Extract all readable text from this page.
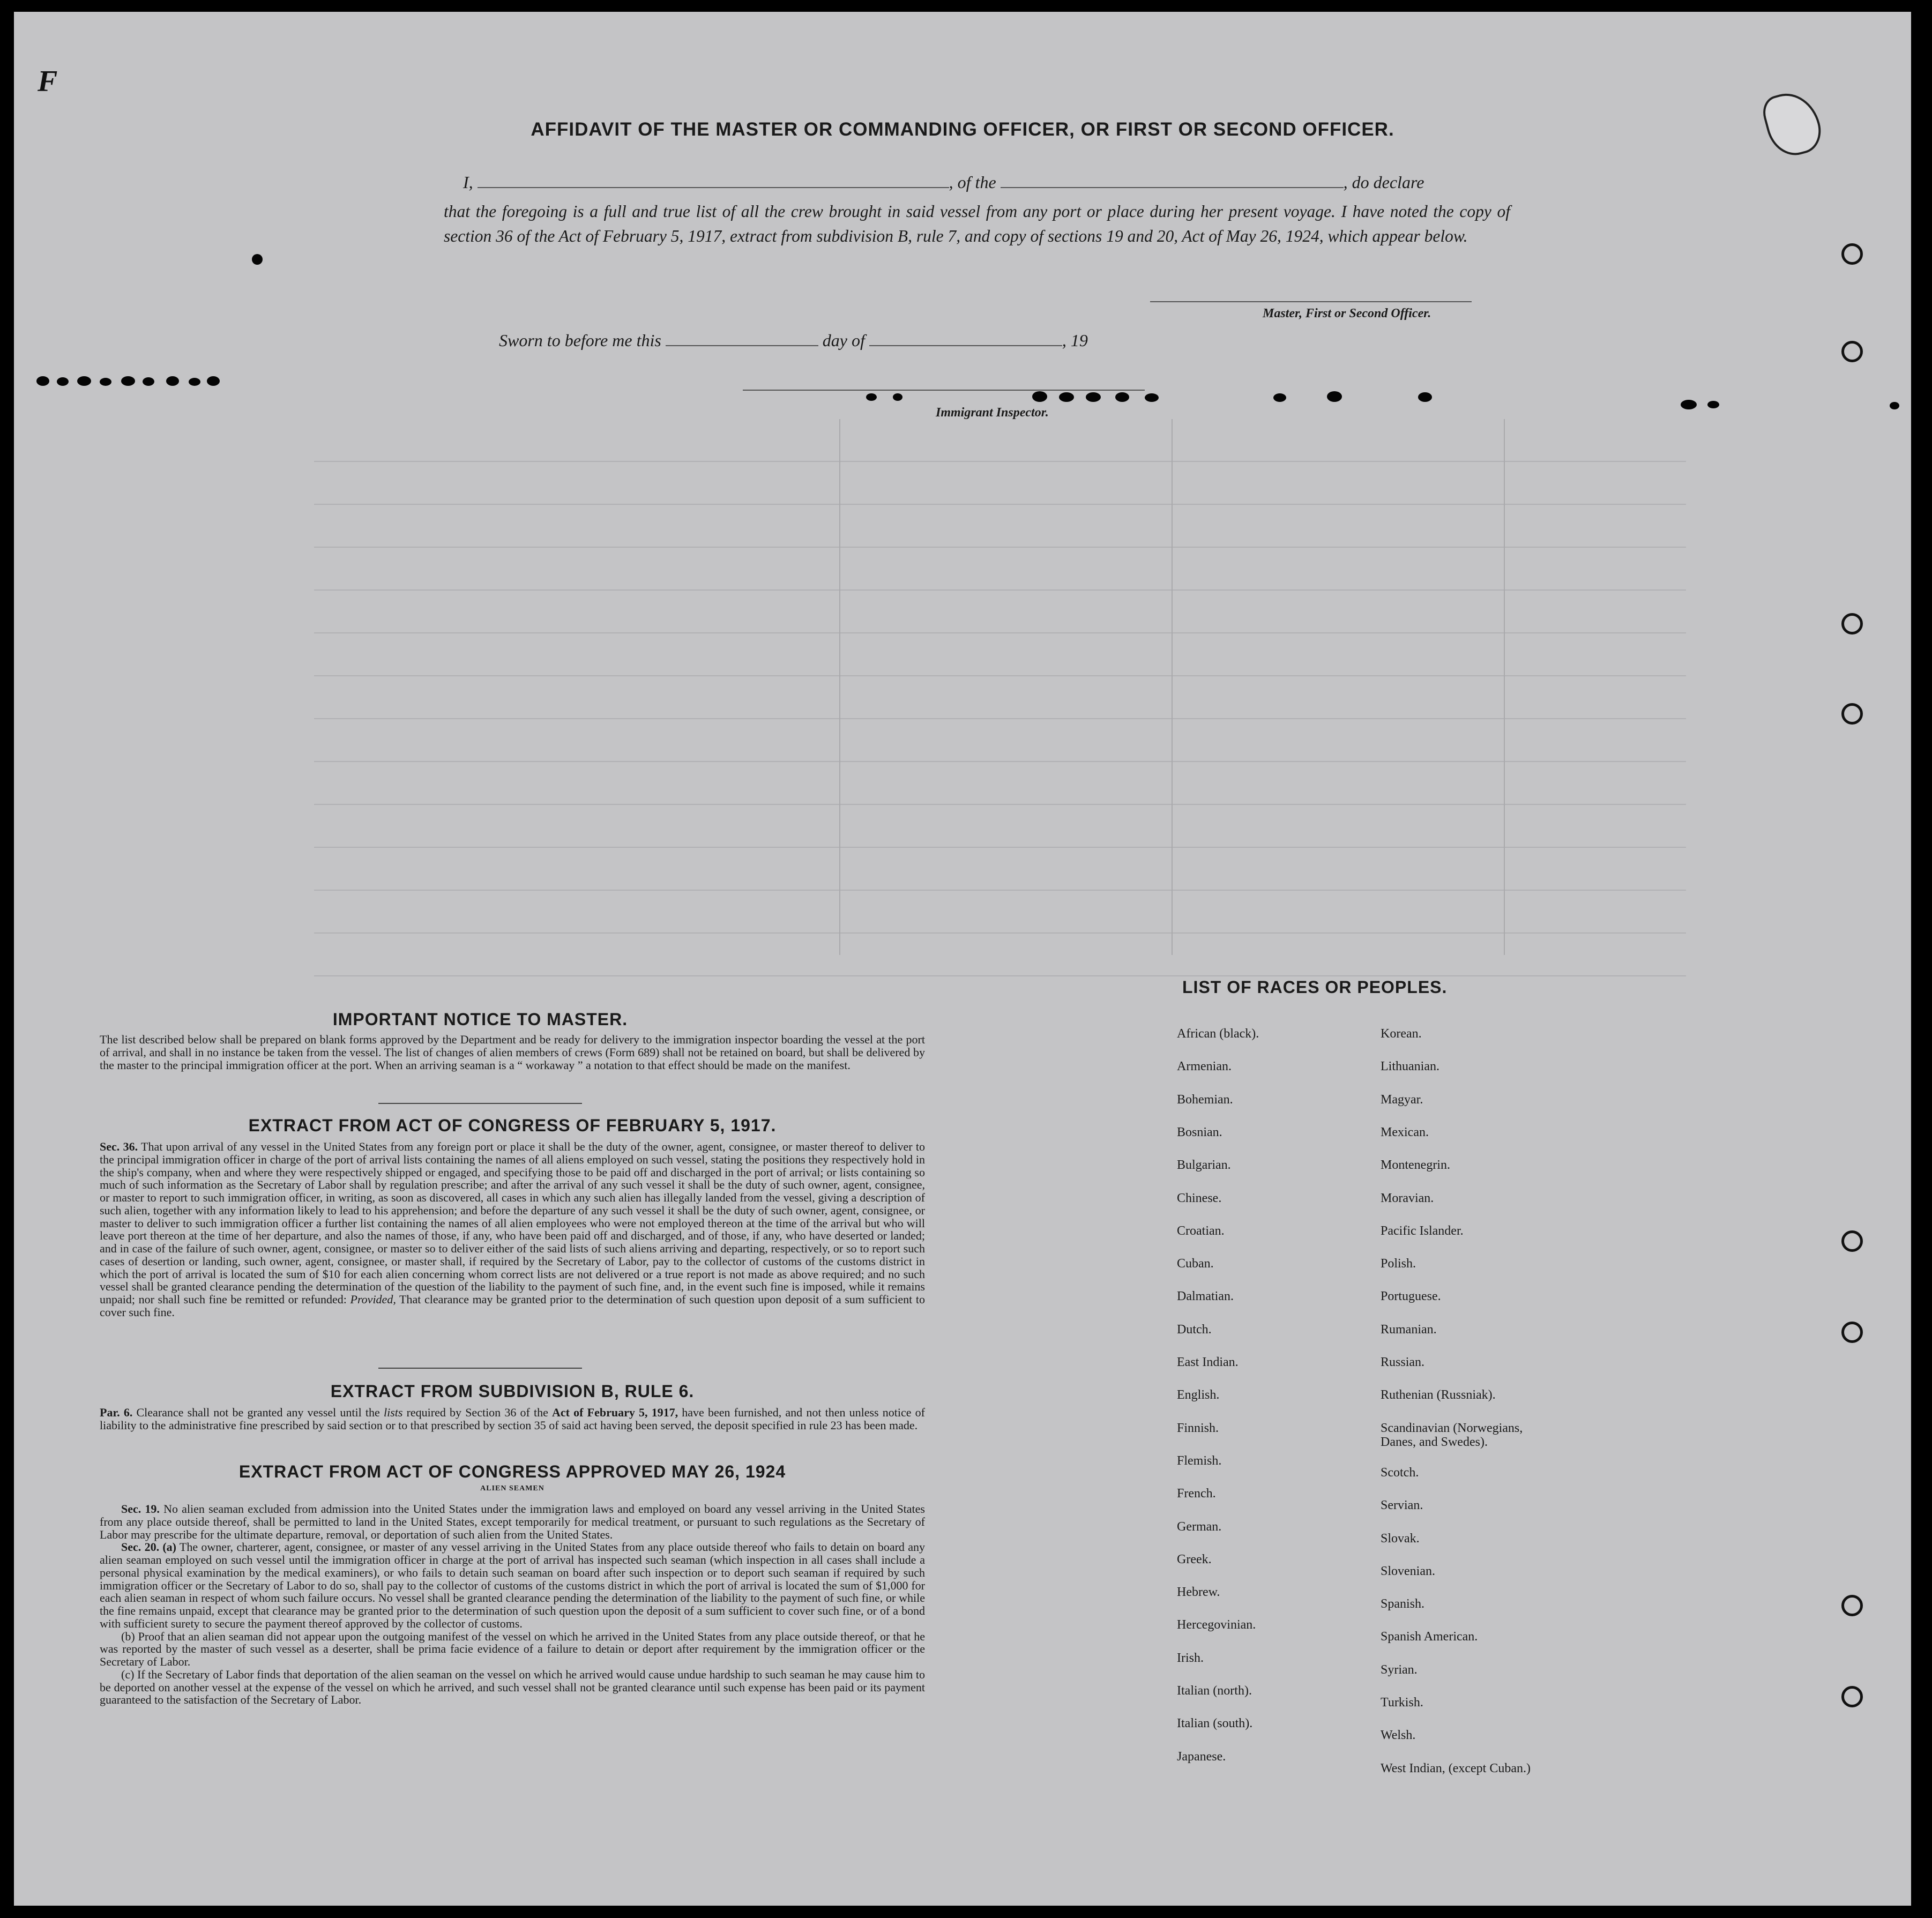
F
AFFIDAVIT OF THE MASTER OR COMMANDING OFFICER, OR FIRST OR SECOND OFFICER.
I,	, of the	, do declare
that the foregoing is a full and true list of all the crew brought in said vessel from any port or place during her present voyage. I have noted the copy of section 36 of the Act of February 5, 1917, extract from subdivision B, rule 7, and copy of sections 19 and 20, Act of May 26, 1924, which appear below.
Master, First or Second Officer.
Sworn to before me this	day of	, 19
Immigrant Inspector.
IMPORTANT NOTICE TO MASTER.
The list described below shall be prepared on blank forms approved by the Department and be ready for delivery to the immigration inspector boarding the vessel at the port of arrival, and shall in no instance be taken from the vessel. The list of changes of alien members of crews (Form 689) shall not be retained on board, but shall be delivered by the master to the principal immigration officer at the port. When an arriving seaman is a “ workaway ” a notation to that effect should be made on the manifest.
EXTRACT FROM ACT OF CONGRESS OF FEBRUARY 5, 1917.
Sec. 36. That upon arrival of any vessel in the United States from any foreign port or place it shall be the duty of the owner, agent, consignee, or master thereof to deliver to the principal immigration officer in charge of the port of arrival lists containing the names of all aliens employed on such vessel, stating the positions they respectively hold in the ship's company, when and where they were respectively shipped or engaged, and specifying those to be paid off and discharged in the port of arrival; or lists containing so much of such information as the Secretary of Labor shall by regulation prescribe; and after the arrival of any such vessel it shall be the duty of such owner, agent, consignee, or master to report to such immigration officer, in writing, as soon as discovered, all cases in which any such alien has illegally landed from the vessel, giving a description of such alien, together with any information likely to lead to his apprehension; and before the departure of any such vessel it shall be the duty of such owner, agent, consignee, or master to deliver to such immigration officer a further list containing the names of all alien employees who were not employed thereon at the time of the arrival but who will leave port thereon at the time of her departure, and also the names of those, if any, who have been paid off and discharged, and of those, if any, who have deserted or landed; and in case of the failure of such owner, agent, consignee, or master so to deliver either of the said lists of such aliens arriving and departing, respectively, or so to report such cases of desertion or landing, such owner, agent, consignee, or master shall, if required by the Secretary of Labor, pay to the collector of customs of the customs district in which the port of arrival is located the sum of $10 for each alien concerning whom correct lists are not delivered or a true report is not made as above required; and no such vessel shall be granted clearance pending the determination of the question of the liability to the payment of such fine, and, in the event such fine is imposed, while it remains unpaid; nor shall such fine be remitted or refunded: Provided, That clearance may be granted prior to the determination of such question upon deposit of a sum sufficient to cover such fine.
EXTRACT FROM SUBDIVISION B, RULE 6.
Par. 6. Clearance shall not be granted any vessel until the lists required by Section 36 of the Act of February 5, 1917, have been furnished, and not then unless notice of liability to the administrative fine prescribed by said section or to that prescribed by section 35 of said act having been served, the deposit specified in rule 23 has been made.
EXTRACT FROM ACT OF CONGRESS APPROVED MAY 26, 1924
ALIEN SEAMEN
Sec. 19. No alien seaman excluded from admission into the United States under the immigration laws and employed on board any vessel arriving in the United States from any place outside thereof, shall be permitted to land in the United States, except temporarily for medical treatment, or pursuant to such regulations as the Secretary of Labor may prescribe for the ultimate departure, removal, or deportation of such alien from the United States.
Sec. 20. (a) The owner, charterer, agent, consignee, or master of any vessel arriving in the United States from any place outside thereof who fails to detain on board any alien seaman employed on such vessel until the immigration officer in charge at the port of arrival has inspected such seaman (which inspection in all cases shall include a personal physical examination by the medical examiners), or who fails to detain such seaman on board after such inspection or to deport such seaman if required by such immigration officer or the Secretary of Labor to do so, shall pay to the collector of customs of the customs district in which the port of arrival is located the sum of $1,000 for each alien seaman in respect of whom such failure occurs. No vessel shall be granted clearance pending the determination of the liability to the payment of such fine, or while the fine remains unpaid, except that clearance may be granted prior to the determination of such question upon the deposit of a sum sufficient to cover such fine, or of a bond with sufficient surety to secure the payment thereof approved by the collector of customs.
(b) Proof that an alien seaman did not appear upon the outgoing manifest of the vessel on which he arrived in the United States from any place outside thereof, or that he was reported by the master of such vessel as a deserter, shall be prima facie evidence of a failure to detain or deport after requirement by the immigration officer or the Secretary of Labor.
(c) If the Secretary of Labor finds that deportation of the alien seaman on the vessel on which he arrived would cause undue hardship to such seaman he may cause him to be deported on another vessel at the expense of the vessel on which he arrived, and such vessel shall not be granted clearance until such expense has been paid or its payment guaranteed to the satisfaction of the Secretary of Labor.
LIST OF RACES OR PEOPLES.
African (black).
Armenian.
Bohemian.
Bosnian.
Bulgarian.
Chinese.
Croatian.
Cuban.
Dalmatian.
Dutch.
East Indian.
English.
Finnish.
Flemish.
French.
German.
Greek.
Hebrew.
Hercegovinian.
Irish.
Italian (north).
Italian (south).
Japanese.
Korean.
Lithuanian.
Magyar.
Mexican.
Montenegrin.
Moravian.
Pacific Islander.
Polish.
Portuguese.
Rumanian.
Russian.
Ruthenian (Russniak).
Scandinavian (Norwegians, Danes, and Swedes).
Scotch.
Servian.
Slovak.
Slovenian.
Spanish.
Spanish American.
Syrian.
Turkish.
Welsh.
West Indian, (except Cuban.)
